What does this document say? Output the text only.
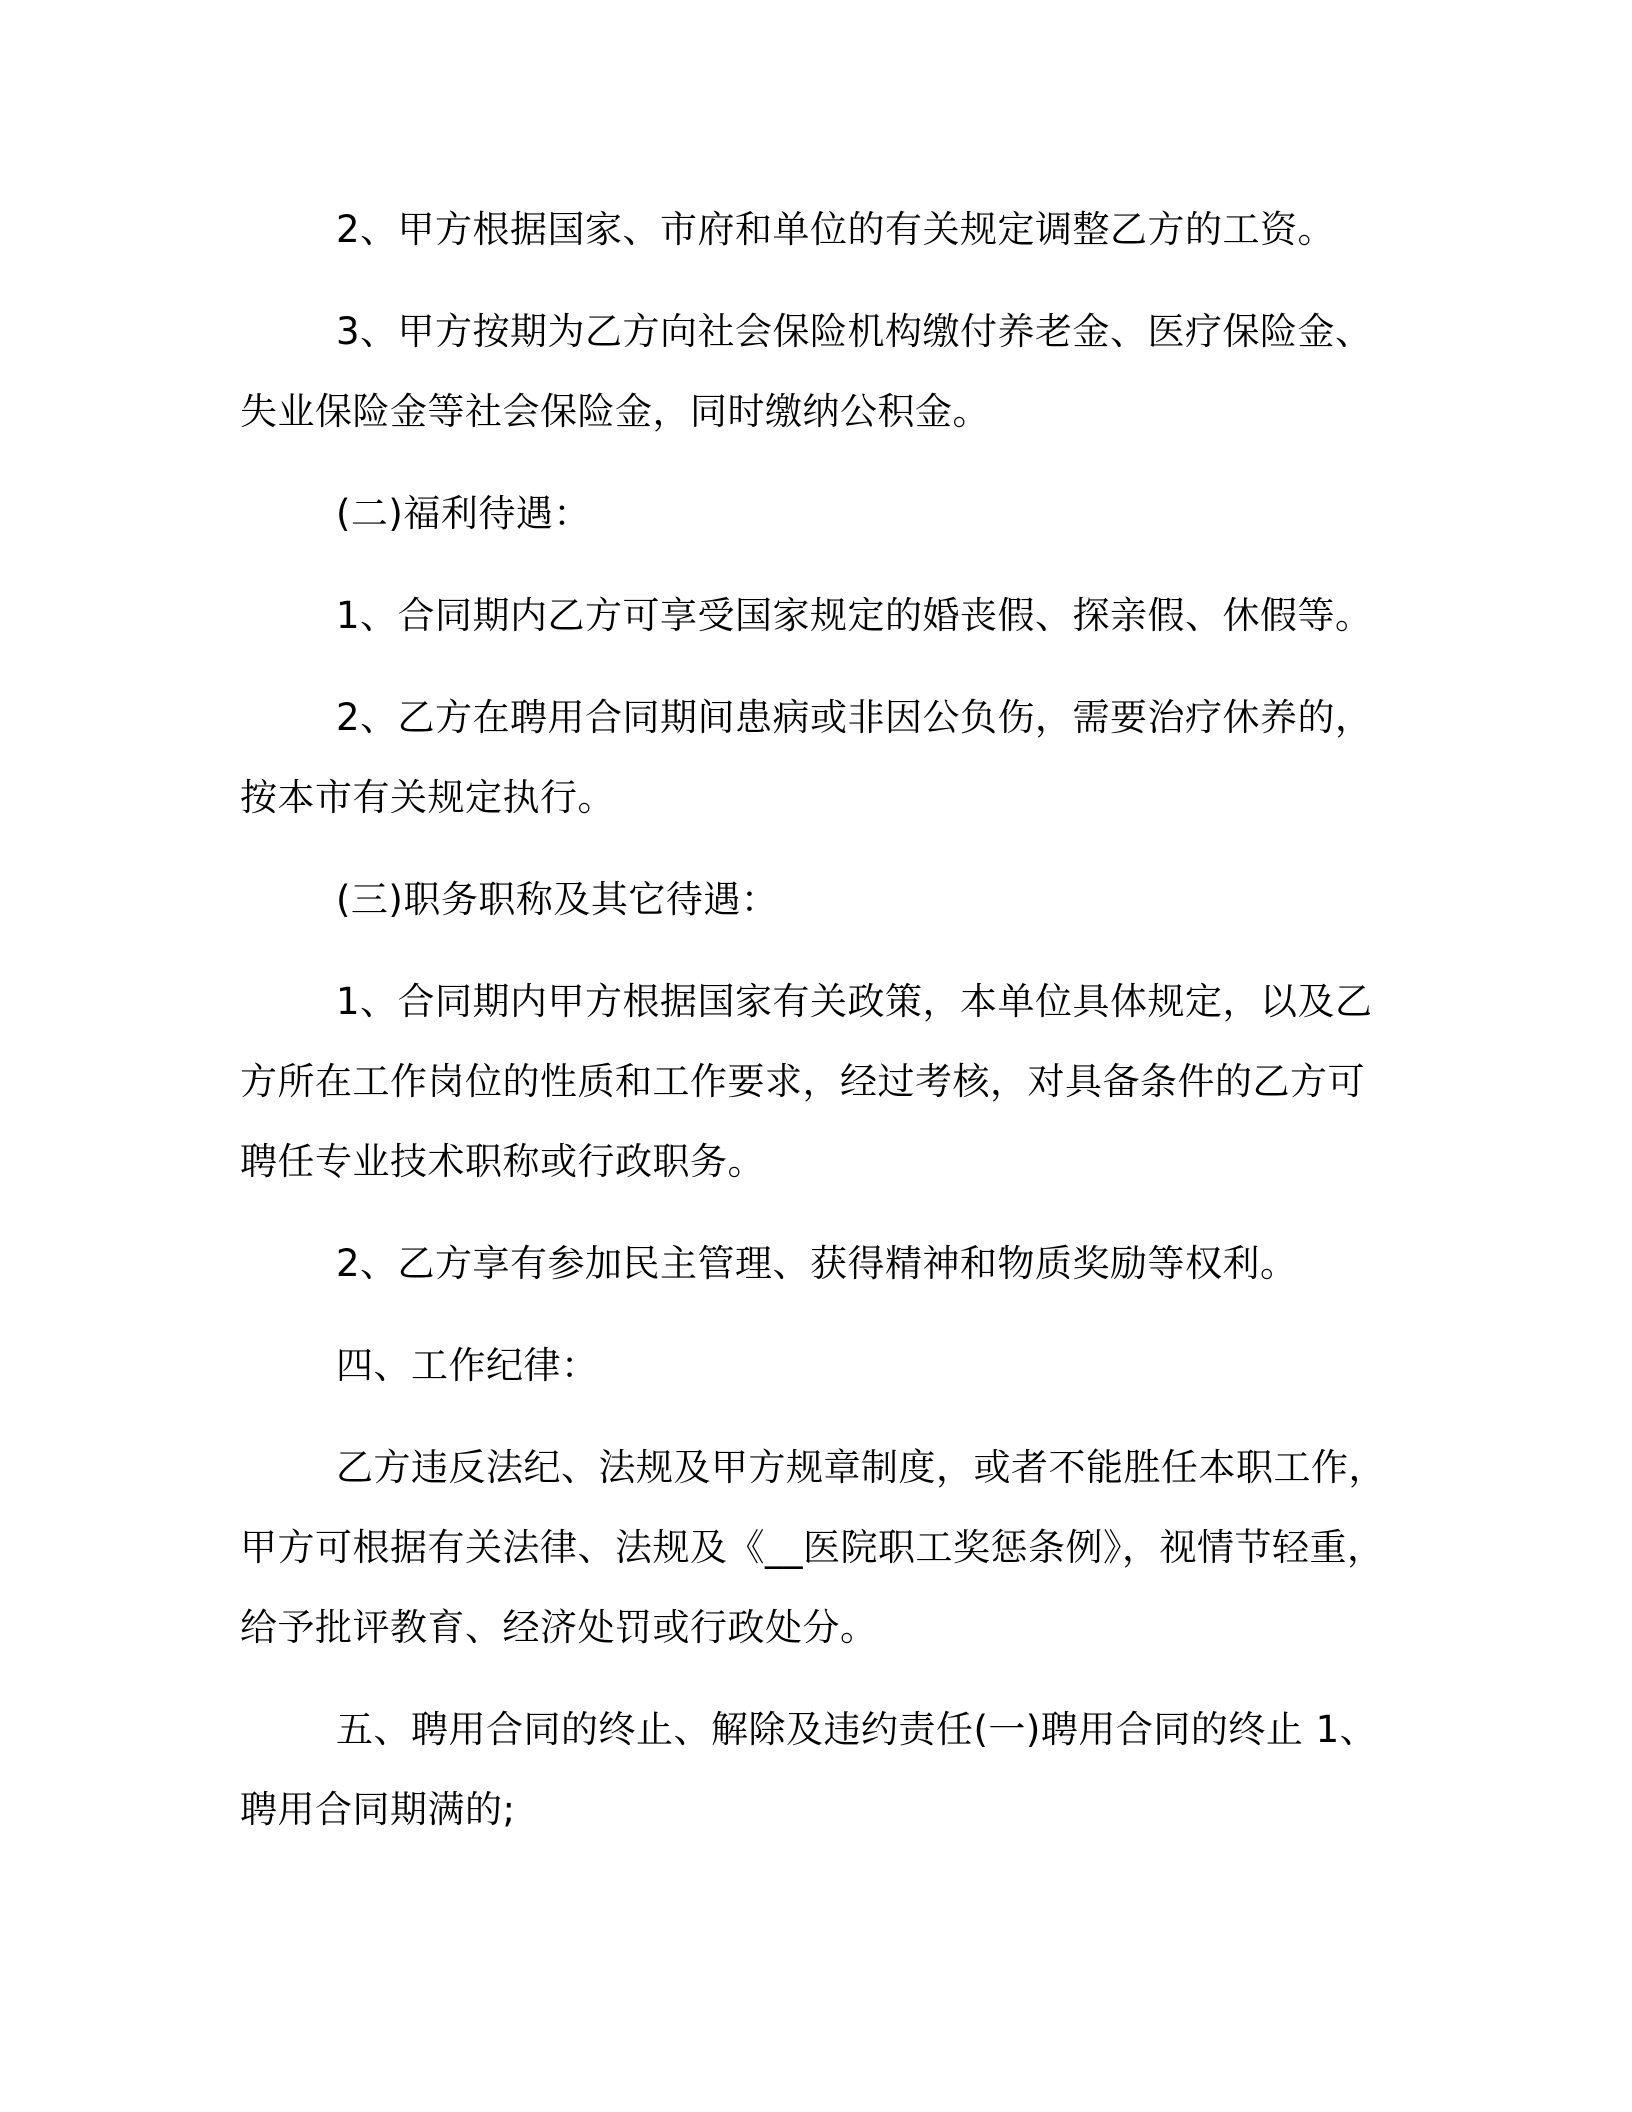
2、甲方根据国家、市府和单位的有关规定调整乙方的工资。

3、甲方按期为乙方向社会保险机构缴付养老金、医疗保险金、
失业保险金等社会保险金，同时缴纳公积金。

(二)福利待遇：

1、合同期内乙方可享受国家规定的婚丧假、探亲假、休假等。

2、乙方在聘用合同期间患病或非因公负伤，需要治疗休养的，
按本市有关规定执行。

(三)职务职称及其它待遇：

1、合同期内甲方根据国家有关政策，本单位具体规定，以及乙
方所在工作岗位的性质和工作要求，经过考核，对具备条件的乙方可
聘任专业技术职称或行政职务。

2、乙方享有参加民主管理、获得精神和物质奖励等权利。

四、工作纪律：

乙方违反法纪、法规及甲方规章制度，或者不能胜任本职工作，
甲方可根据有关法律、法规及《__医院职工奖惩条例》，视情节轻重，
给予批评教育、经济处罚或行政处分。

五、聘用合同的终止、解除及违约责任(一)聘用合同的终止 1、
聘用合同期满的;
